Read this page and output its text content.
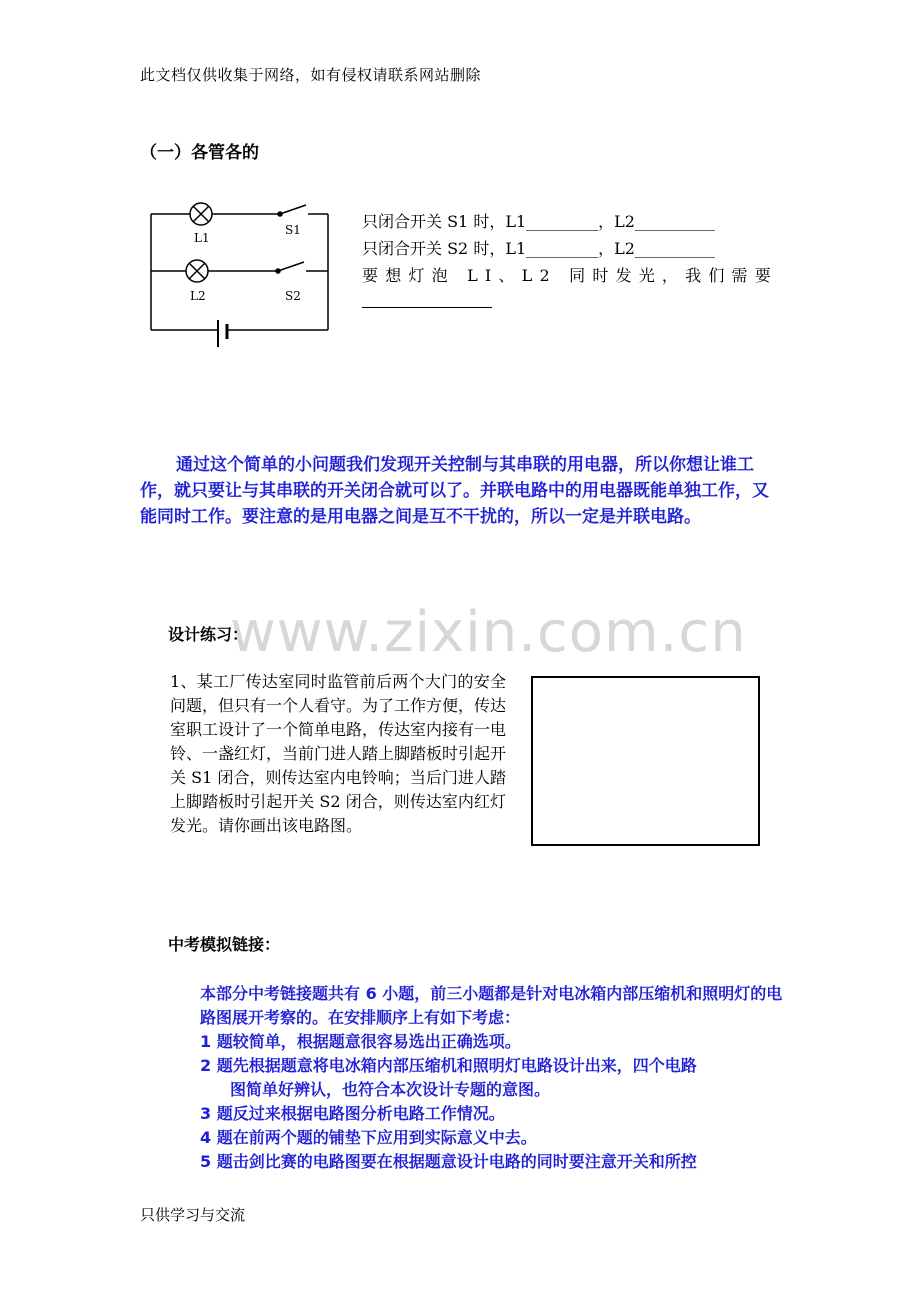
此文档仅供收集于网络，如有侵权请联系网站删除
（一）各管各的
L1
S1
L2	S2
只闭合开关 S1 时，L1_________，L2__________
只闭合开关 S2 时，L1_________，L2__________
要想灯泡 LI、L2 同时发光，我们需要
通过这个简单的小问题我们发现开关控制与其串联的用电器，所以你想让谁工作，就只要让与其串联的开关闭合就可以了。并联电路中的用电器既能单独工作，又能同时工作。要注意的是用电器之间是互不干扰的，所以一定是并联电路。
www.zixin.com.cn
设计练习：
1、某工厂传达室同时监管前后两个大门的安全问题，但只有一个人看守。为了工作方便，传达室职工设计了一个简单电路，传达室内接有一电铃、一盏红灯，当前门进人踏上脚踏板时引起开关 S1 闭合，则传达室内电铃响；当后门进人踏上脚踏板时引起开关 S2 闭合，则传达室内红灯发光。请你画出该电路图。
中考模拟链接：
本部分中考链接题共有 6 小题，前三小题都是针对电冰箱内部压缩机和照明灯的电路图展开考察的。在安排顺序上有如下考虑：
1 题较简单，根据题意很容易选出正确选项。
2 题先根据题意将电冰箱内部压缩机和照明灯电路设计出来，四个电路
图简单好辨认，也符合本次设计专题的意图。
3 题反过来根据电路图分析电路工作情况。
4 题在前两个题的铺垫下应用到实际意义中去。
5 题击剑比赛的电路图要在根据题意设计电路的同时要注意开关和所控
只供学习与交流
